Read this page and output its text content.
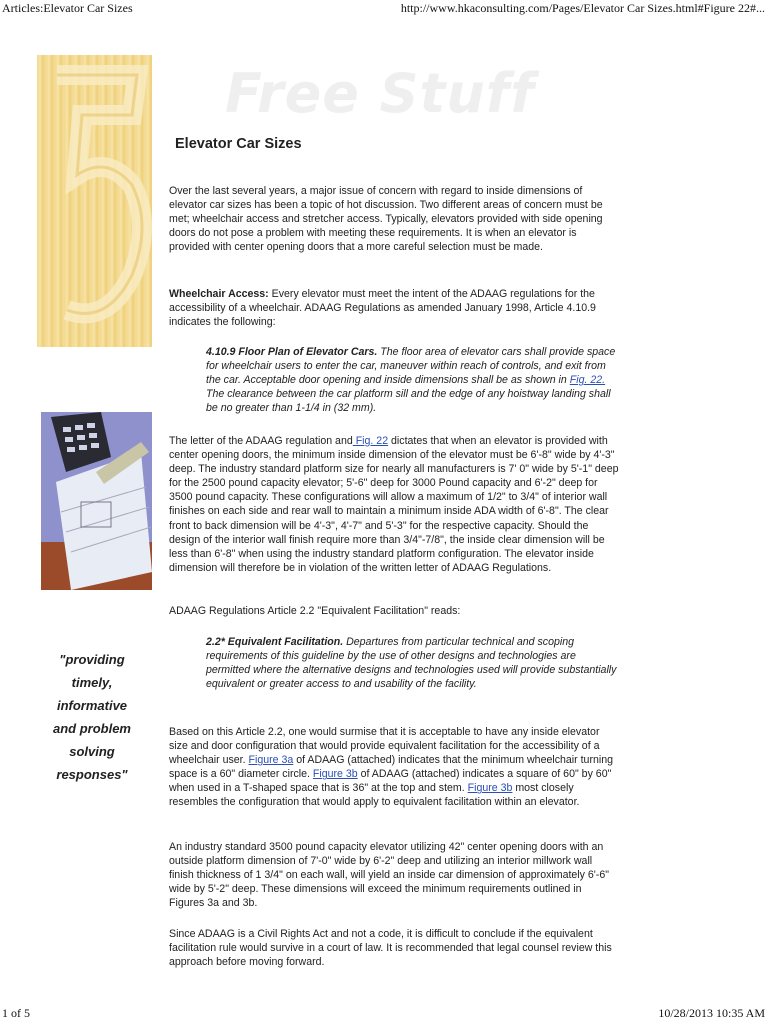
Articles:Elevator Car Sizes	http://www.hkaconsulting.com/Pages/Elevator Car Sizes.html#Figure 22#...
Free Stuff
"providing
timely,
informative
and problem
solving
responses"
Elevator Car Sizes

Over the last several years, a major issue of concern with regard to inside dimensions of elevator car sizes has been a topic of hot discussion. Two different areas of concern must be met; wheelchair access and stretcher access. Typically, elevators provided with side opening doors do not pose a problem with meeting these requirements. It is when an elevator is provided with center opening doors that a more careful selection must be made.

Wheelchair Access: Every elevator must meet the intent of the ADAAG regulations for the accessibility of a wheelchair. ADAAG Regulations as amended January 1998, Article 4.10.9 indicates the following:

4.10.9 Floor Plan of Elevator Cars. The floor area of elevator cars shall provide space for wheelchair users to enter the car, maneuver within reach of controls, and exit from the car. Acceptable door opening and inside dimensions shall be as shown in Fig. 22. The clearance between the car platform sill and the edge of any hoistway landing shall be no greater than 1-1/4 in (32 mm).

The letter of the ADAAG regulation and Fig. 22 dictates that when an elevator is provided with center opening doors, the minimum inside dimension of the elevator must be 6'-8" wide by 4'-3" deep. The industry standard platform size for nearly all manufacturers is 7' 0" wide by 5'-1" deep for the 2500 pound capacity elevator; 5'-6" deep for 3000 Pound capacity and 6'-2" deep for 3500 pound capacity. These configurations will allow a maximum of 1/2" to 3/4" of interior wall finishes on each side and rear wall to maintain a minimum inside ADA width of 6'-8". The clear front to back dimension will be 4'-3", 4'-7" and 5'-3" for the respective capacity. Should the design of the interior wall finish require more than 3/4"-7/8", the inside clear dimension will be less than 6'-8" when using the industry standard platform configuration. The elevator inside dimension will therefore be in violation of the written letter of ADAAG Regulations.

ADAAG Regulations Article 2.2 "Equivalent Facilitation" reads:

2.2* Equivalent Facilitation. Departures from particular technical and scoping requirements of this guideline by the use of other designs and technologies are permitted where the alternative designs and technologies used will provide substantially equivalent or greater access to and usability of the facility.

Based on this Article 2.2, one would surmise that it is acceptable to have any inside elevator size and door configuration that would provide equivalent facilitation for the accessibility of a wheelchair user. Figure 3a of ADAAG (attached) indicates that the minimum wheelchair turning space is a 60" diameter circle. Figure 3b of ADAAG (attached) indicates a square of 60" by 60" when used in a T-shaped space that is 36" at the top and stem. Figure 3b most closely resembles the configuration that would apply to equivalent facilitation within an elevator.

An industry standard 3500 pound capacity elevator utilizing 42" center opening doors with an outside platform dimension of 7'-0" wide by 6'-2" deep and utilizing an interior millwork wall finish thickness of 1 3/4" on each wall, will yield an inside car dimension of approximately 6'-6" wide by 5'-2" deep. These dimensions will exceed the minimum requirements outlined in Figures 3a and 3b.

Since ADAAG is a Civil Rights Act and not a code, it is difficult to conclude if the equivalent facilitation rule would survive in a court of law. It is recommended that legal counsel review this approach before moving forward.

1 of 5	10/28/2013 10:35 AM
